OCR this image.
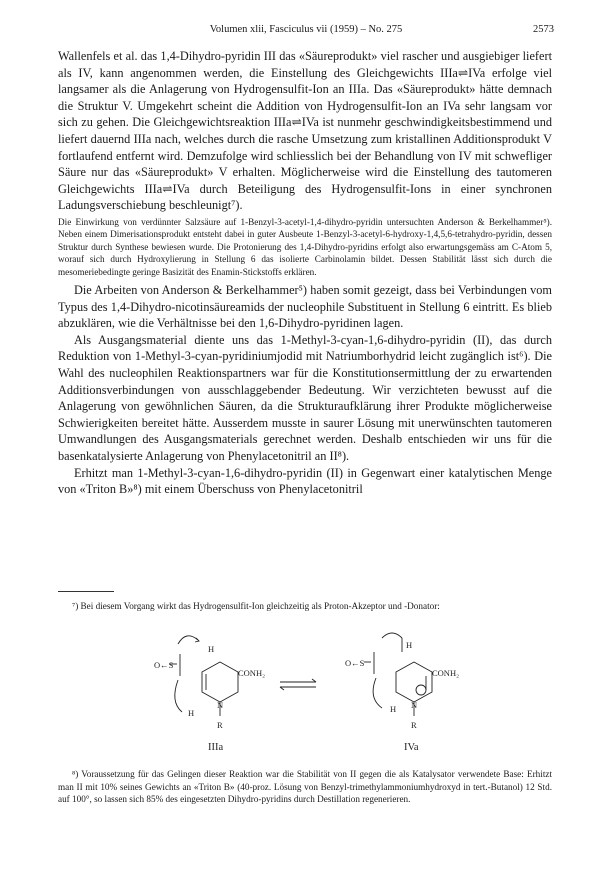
Volumen xlii, Fasciculus vii (1959) – No. 275	2573

Wallenfels et al. das 1,4-Dihydro-pyridin III das «Säureprodukt» viel rascher und ausgiebiger liefert als IV, kann angenommen werden, die Einstellung des Gleichgewichts IIIa⇌IVa erfolge viel langsamer als die Anlagerung von Hydrogensulfit-Ion an IIIa. Das «Säureprodukt» hätte demnach die Struktur V. Umgekehrt scheint die Addition von Hydrogensulfit-Ion an IVa sehr langsam vor sich zu gehen. Die Gleichgewichtsreaktion IIIa⇌IVa ist nunmehr geschwindigkeitsbestimmend und liefert dauernd IIIa nach, welches durch die rasche Umsetzung zum kristallinen Additionsprodukt V fortlaufend entfernt wird. Demzufolge wird schliesslich bei der Behandlung von IV mit schwefliger Säure nur das «Säureprodukt» V erhalten. Möglicherweise wird die Einstellung des tautomeren Gleichgewichts IIIa⇌IVa durch Beteiligung des Hydrogensulfit-Ions in einer synchronen Ladungsverschiebung beschleunigt⁷).

Die Einwirkung von verdünnter Salzsäure auf 1-Benzyl-3-acetyl-1,4-dihydro-pyridin untersuchten Anderson & Berkelhammer⁵). Neben einem Dimerisationsprodukt entsteht dabei in guter Ausbeute 1-Benzyl-3-acetyl-6-hydroxy-1,4,5,6-tetrahydro-pyridin, dessen Struktur durch Synthese bewiesen wurde. Die Protonierung des 1,4-Dihydro-pyridins erfolgt also erwartungsgemäss am C-Atom 5, worauf sich durch Hydroxylierung in Stellung 6 das isolierte Carbinolamin bildet. Dessen Stabilität lässt sich durch die mesomeriebedingte geringe Basizität des Enamin-Stickstoffs erklären.

Die Arbeiten von Anderson & Berkelhammer⁵) haben somit gezeigt, dass bei Verbindungen vom Typus des 1,4-Dihydro-nicotinsäureamids der nucleophile Substituent in Stellung 6 eintritt. Es blieb abzuklären, wie die Verhältnisse bei den 1,6-Dihydro-pyridinen lagen.

Als Ausgangsmaterial diente uns das 1-Methyl-3-cyan-1,6-dihydro-pyridin (II), das durch Reduktion von 1-Methyl-3-cyan-pyridiniumjodid mit Natriumborhydrid leicht zugänglich ist⁶). Die Wahl des nucleophilen Reaktionspartners war für die Konstitutionsermittlung der zu erwartenden Additionsverbindungen von ausschlaggebender Bedeutung. Wir verzichteten bewusst auf die Anlagerung von gewöhnlichen Säuren, da die Strukturaufklärung ihrer Produkte möglicherweise Schwierigkeiten bereitet hätte. Ausserdem musste in saurer Lösung mit unerwünschten tautomeren Umwandlungen des Ausgangsmaterials gerechnet werden. Deshalb entschieden wir uns für die basenkatalysierte Anlagerung von Phenylacetonitril an II⁸).

Erhitzt man 1-Methyl-3-cyan-1,6-dihydro-pyridin (II) in Gegenwart einer katalytischen Menge von «Triton B»⁸) mit einem Überschuss von Phenylacetonitril

⁷) Bei diesem Vorgang wirkt das Hydrogensulfit-Ion gleichzeitig als Proton-Akzeptor und -Donator:

O←S
H
CONH₂
N
H
R
O←S
H
CONH₂
N
H
R
IIIa	IVa

⁸) Voraussetzung für das Gelingen dieser Reaktion war die Stabilität von II gegen die als Katalysator verwendete Base: Erhitzt man II mit 10% seines Gewichts an «Triton B» (40-proz. Lösung von Benzyl-trimethylammoniumhydroxyd in tert.-Butanol) 12 Std. auf 100°, so lassen sich 85% des eingesetzten Dihydro-pyridins durch Destillation regenerieren.
